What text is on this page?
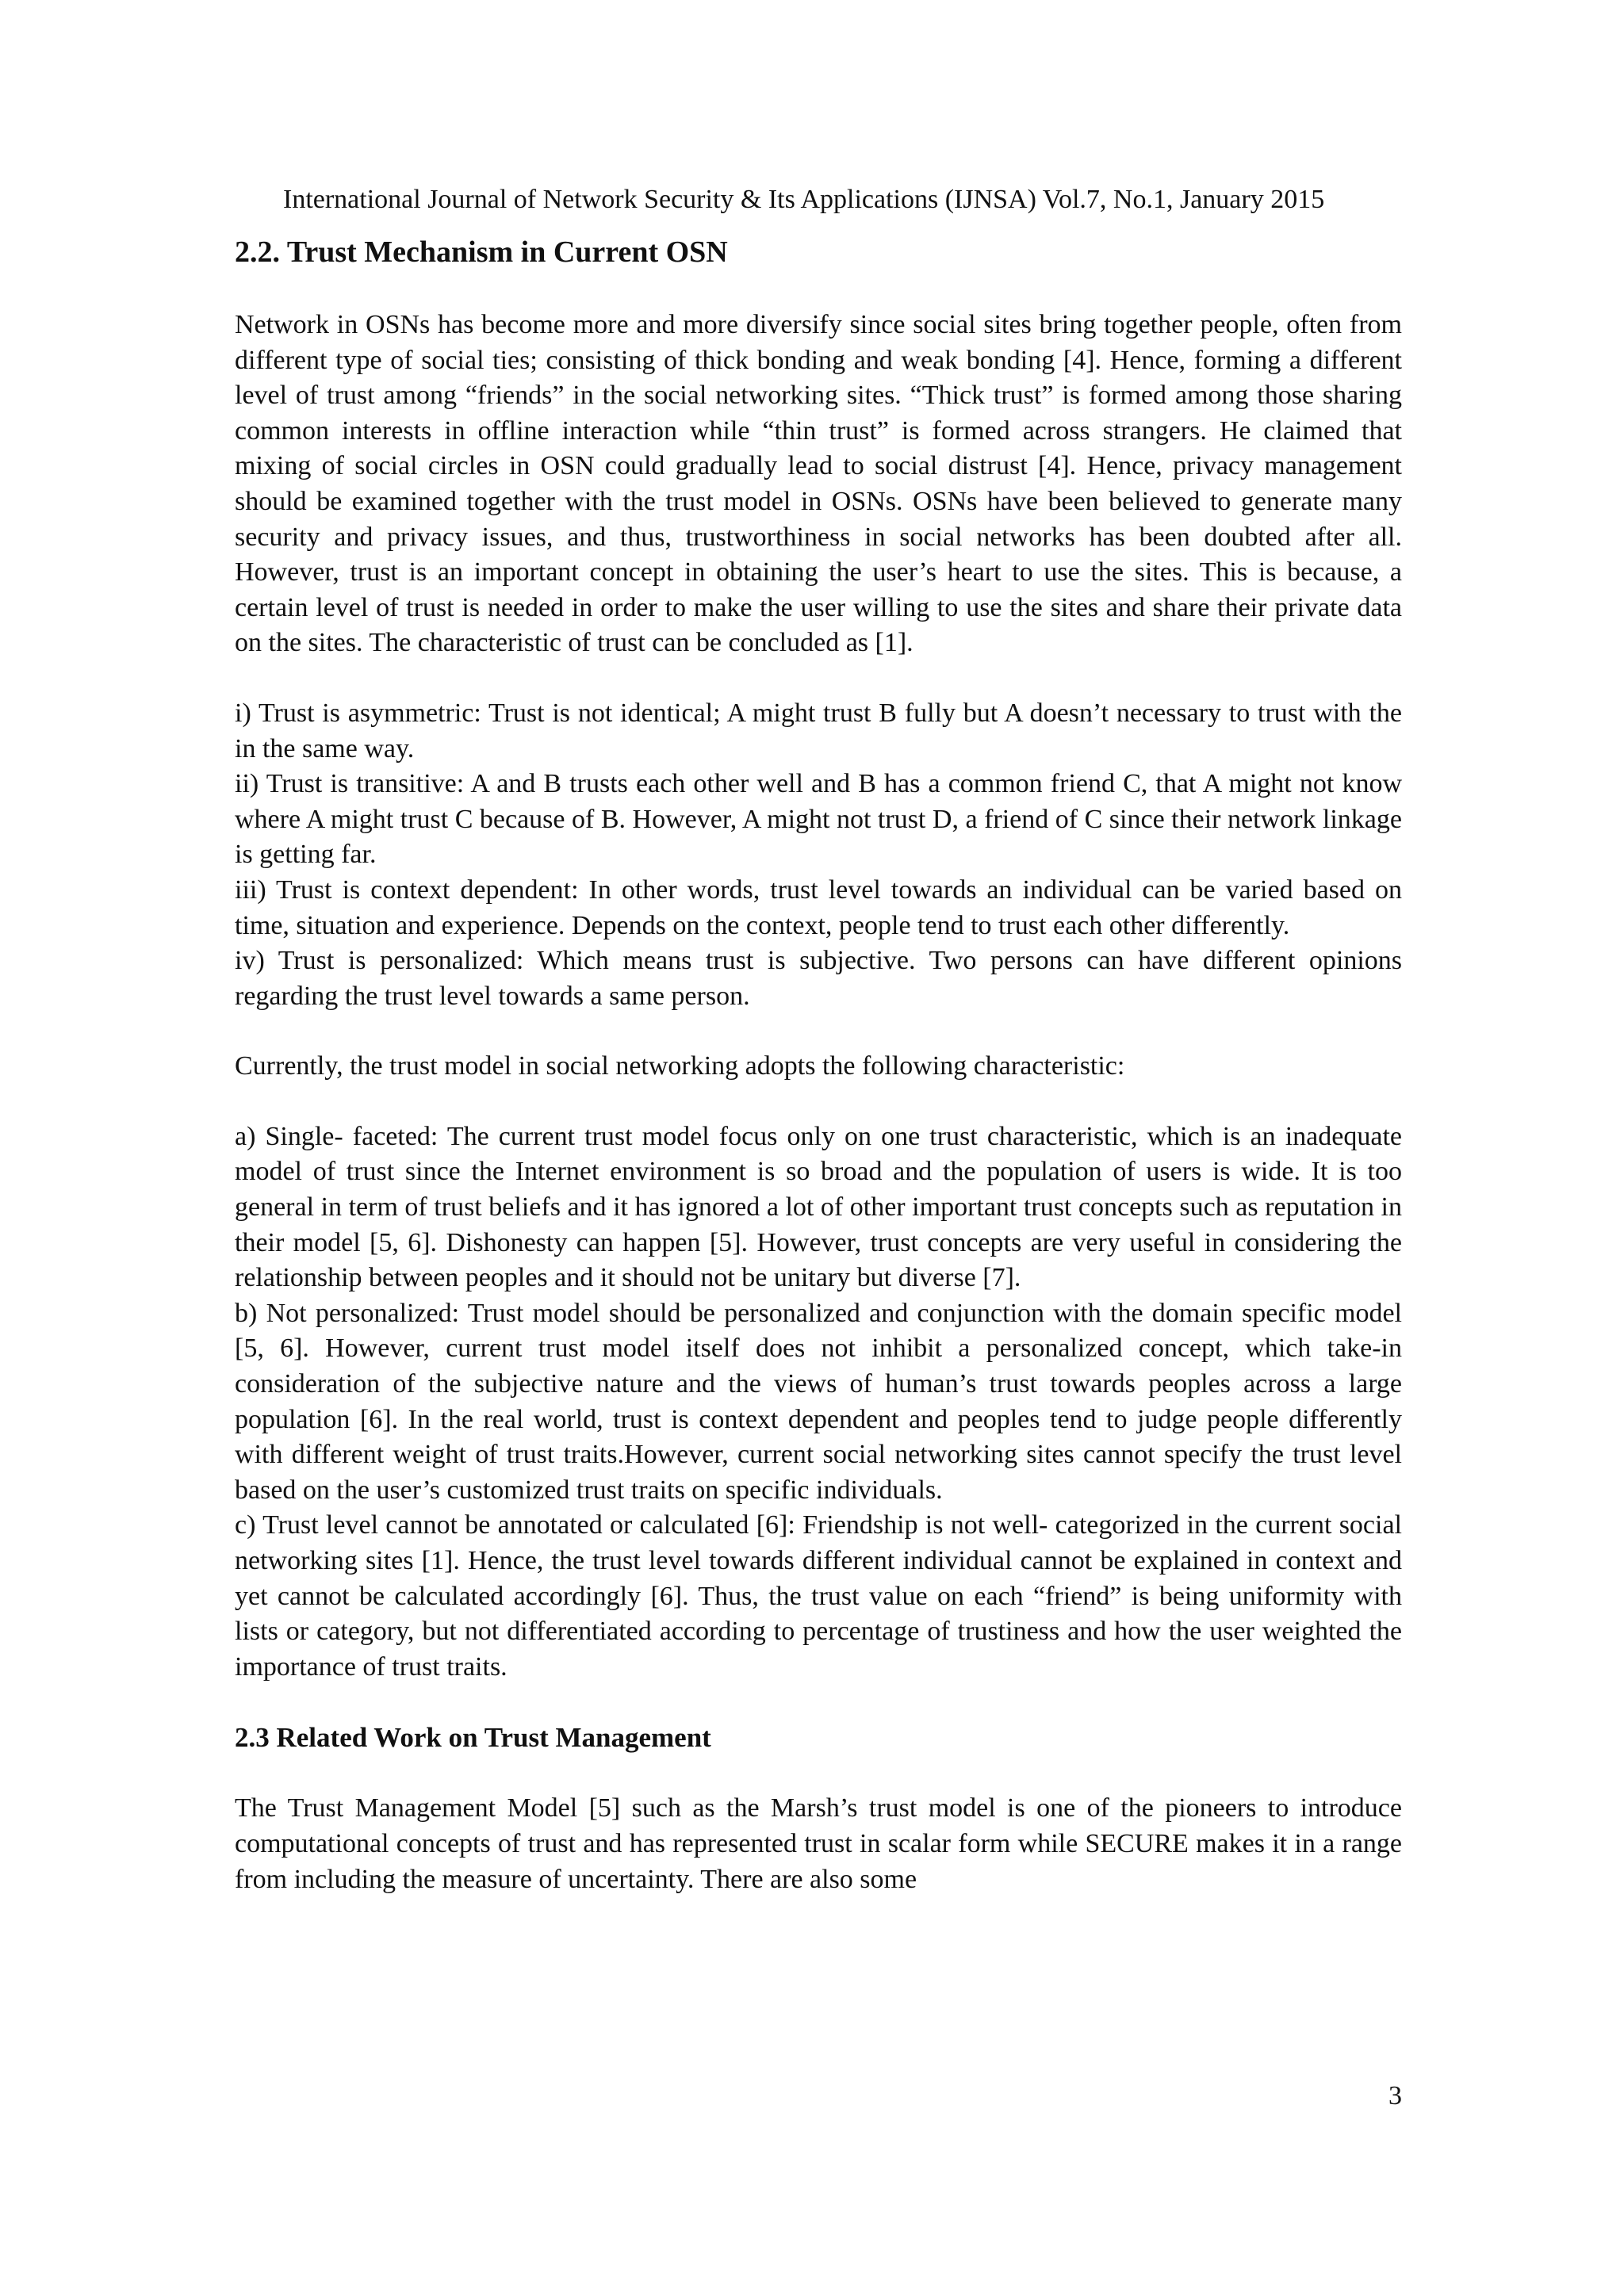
International Journal of Network Security & Its Applications (IJNSA) Vol.7, No.1, January 2015
2.2. Trust Mechanism in Current OSN

Network in OSNs has become more and more diversify since social sites bring together people, often from different type of social ties; consisting of thick bonding and weak bonding [4]. Hence, forming a different level of trust among “friends” in the social networking sites. “Thick trust” is formed among those sharing common interests in offline interaction while “thin trust” is formed across strangers. He claimed that mixing of social circles in OSN could gradually lead to social distrust [4]. Hence, privacy management should be examined together with the trust model in OSNs. OSNs have been believed to generate many security and privacy issues, and thus, trustworthiness in social networks has been doubted after all. However, trust is an important concept in obtaining the user’s heart to use the sites. This is because, a certain level of trust is needed in order to make the user willing to use the sites and share their private data on the sites. The characteristic of trust can be concluded as [1].

i) Trust is asymmetric: Trust is not identical; A might trust B fully but A doesn’t necessary to trust with the in the same way.

ii) Trust is transitive: A and B trusts each other well and B has a common friend C, that A might not know where A might trust C because of B. However, A might not trust D, a friend of C since their network linkage is getting far.

iii) Trust is context dependent: In other words, trust level towards an individual can be varied based on time, situation and experience. Depends on the context, people tend to trust each other differently.

iv) Trust is personalized: Which means trust is subjective. Two persons can have different opinions regarding the trust level towards a same person.

Currently, the trust model in social networking adopts the following characteristic:

a) Single- faceted: The current trust model focus only on one trust characteristic, which is an inadequate model of trust since the Internet environment is so broad and the population of users is wide. It is too general in term of trust beliefs and it has ignored a lot of other important trust concepts such as reputation in their model [5, 6]. Dishonesty can happen [5]. However, trust concepts are very useful in considering the relationship between peoples and it should not be unitary but diverse [7].

b) Not personalized: Trust model should be personalized and conjunction with the domain specific model [5, 6]. However, current trust model itself does not inhibit a personalized concept, which take-in consideration of the subjective nature and the views of human’s trust towards peoples across a large population [6]. In the real world, trust is context dependent and peoples tend to judge people differently with different weight of trust traits.However, current social networking sites cannot specify the trust level based on the user’s customized trust traits on specific individuals.

c) Trust level cannot be annotated or calculated [6]: Friendship is not well- categorized in the current social networking sites [1]. Hence, the trust level towards different individual cannot be explained in context and yet cannot be calculated accordingly [6]. Thus, the trust value on each “friend” is being uniformity with lists or category, but not differentiated according to percentage of trustiness and how the user weighted the importance of trust traits.

2.3 Related Work on Trust Management

The Trust Management Model [5] such as the Marsh’s trust model is one of the pioneers to introduce computational concepts of trust and has represented trust in scalar form while SECURE makes it in a range from including the measure of uncertainty. There are also some

3
